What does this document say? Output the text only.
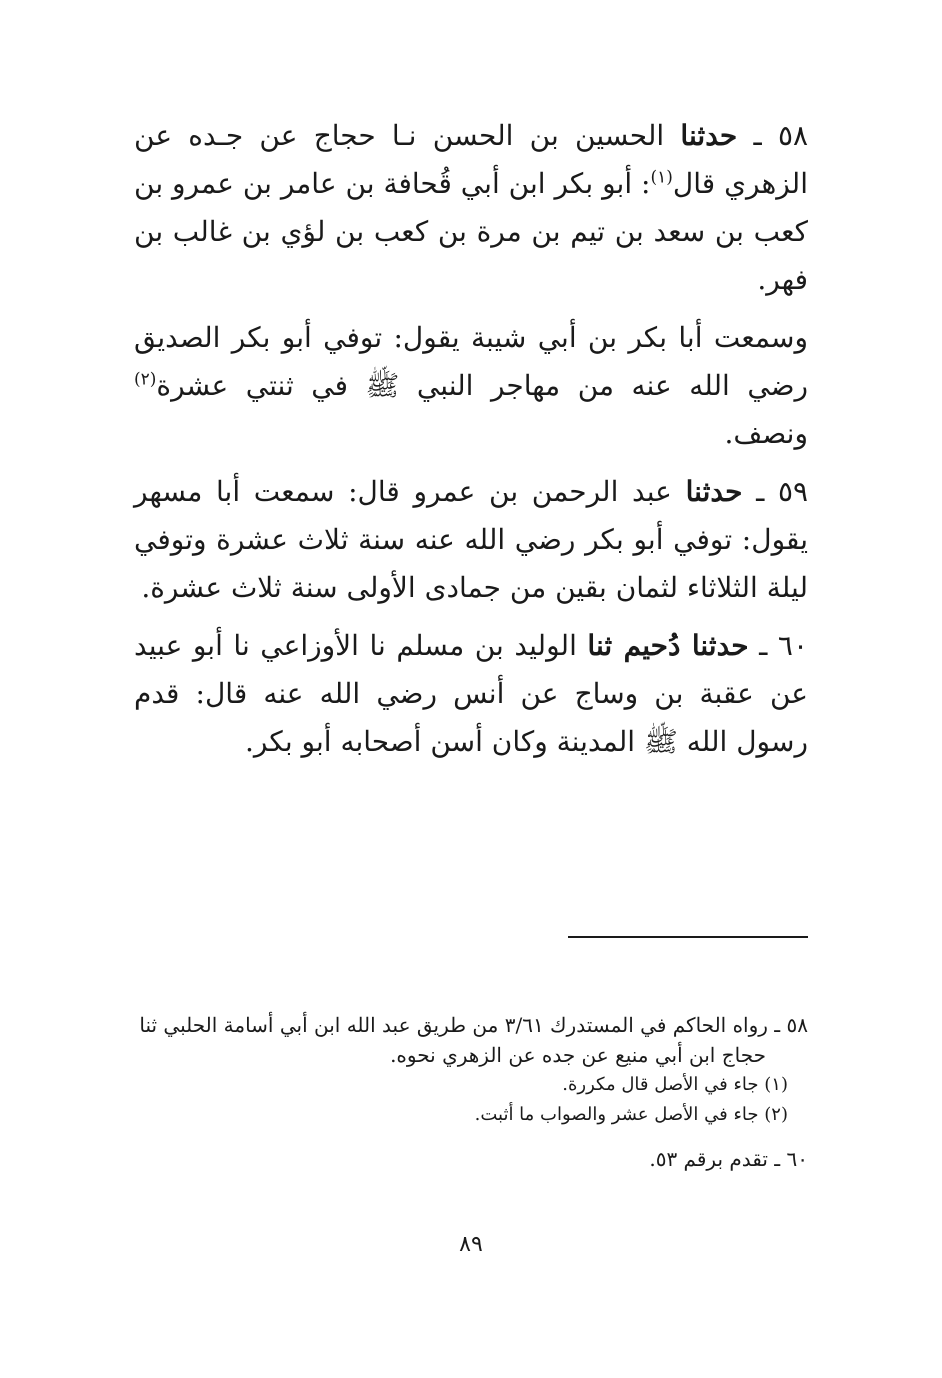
٥٨ ـ حدثنا الحسين بن الحسن نـا حجاج عن جـده عن الزهري قال$^{(١)}$: أبو بكر ابن أبي قُحافة بن عامر بن عمرو بن كعب بن سعد بن تيم بن مرة بن كعب بن لؤي بن غالب بن فهر.

وسمعت أبا بكر بن أبي شيبة يقول: توفي أبو بكر الصديق رضي الله عنه من مهاجر النبي ﷺ في ثنتي عشرة$^{(٢)}$ ونصف.

٥٩ ـ حدثنا عبد الرحمن بن عمرو قال: سمعت أبا مسهر يقول: توفي أبو بكر رضي الله عنه سنة ثلاث عشرة وتوفي ليلة الثلاثاء لثمان بقين من جمادى الأولى سنة ثلاث عشرة.

٦٠ ـ حدثنا دُحيم ثنا الوليد بن مسلم نا الأوزاعي نا أبو عبيد عن عقبة بن وساج عن أنس رضي الله عنه قال: قدم رسول الله ﷺ المدينة وكان أسن أصحابه أبو بكر.

٥٨ ـ رواه الحاكم في المستدرك ٣/٦١ من طريق عبد الله ابن أبي أسامة الحلبي ثنا

حجاج ابن أبي منيع عن جده عن الزهري نحوه.

(١) جاء في الأصل قال مكررة.

(٢) جاء في الأصل عشر والصواب ما أثبت.

٦٠ ـ تقدم برقم ٥٣.

٨٩
